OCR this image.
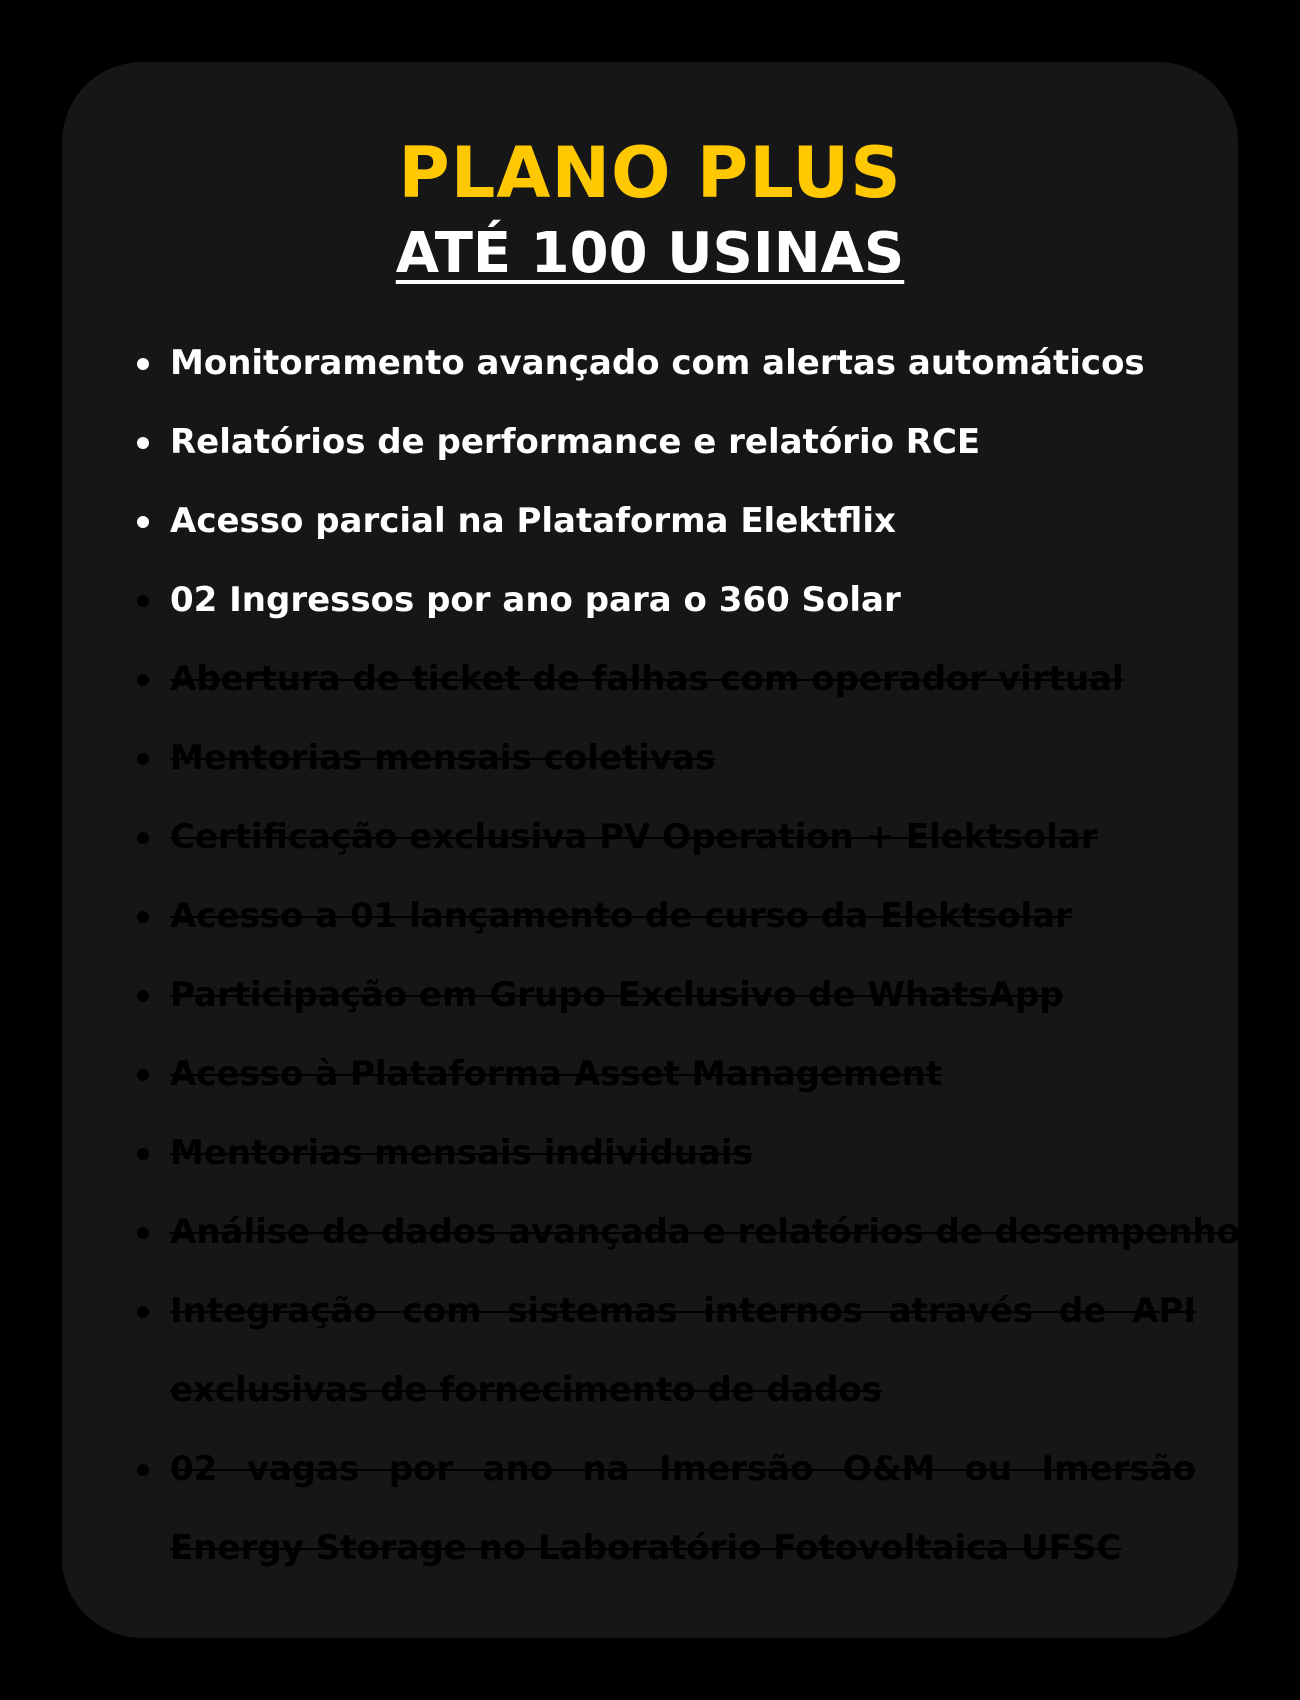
PLANO PLUS
ATÉ 100 USINAS
Monitoramento avançado com alertas automáticos
Relatórios de performance e relatório RCE
Acesso parcial na Plataforma Elektflix
02 Ingressos por ano para o 360 Solar
Abertura de ticket de falhas com operador virtual
Mentorias mensais coletivas
Certificação exclusiva PV Operation + Elektsolar
Acesso a 01 lançamento de curso da Elektsolar
Participação em Grupo Exclusivo de WhatsApp
Acesso à Plataforma Asset Management
Mentorias mensais individuais
Análise de dados avançada e relatórios de desempenho
Integração com sistemas internos através de API exclusivas de fornecimento de dados
02 vagas por ano na Imersão O&M ou Imersão Energy Storage no Laboratório Fotovoltaica UFSC
